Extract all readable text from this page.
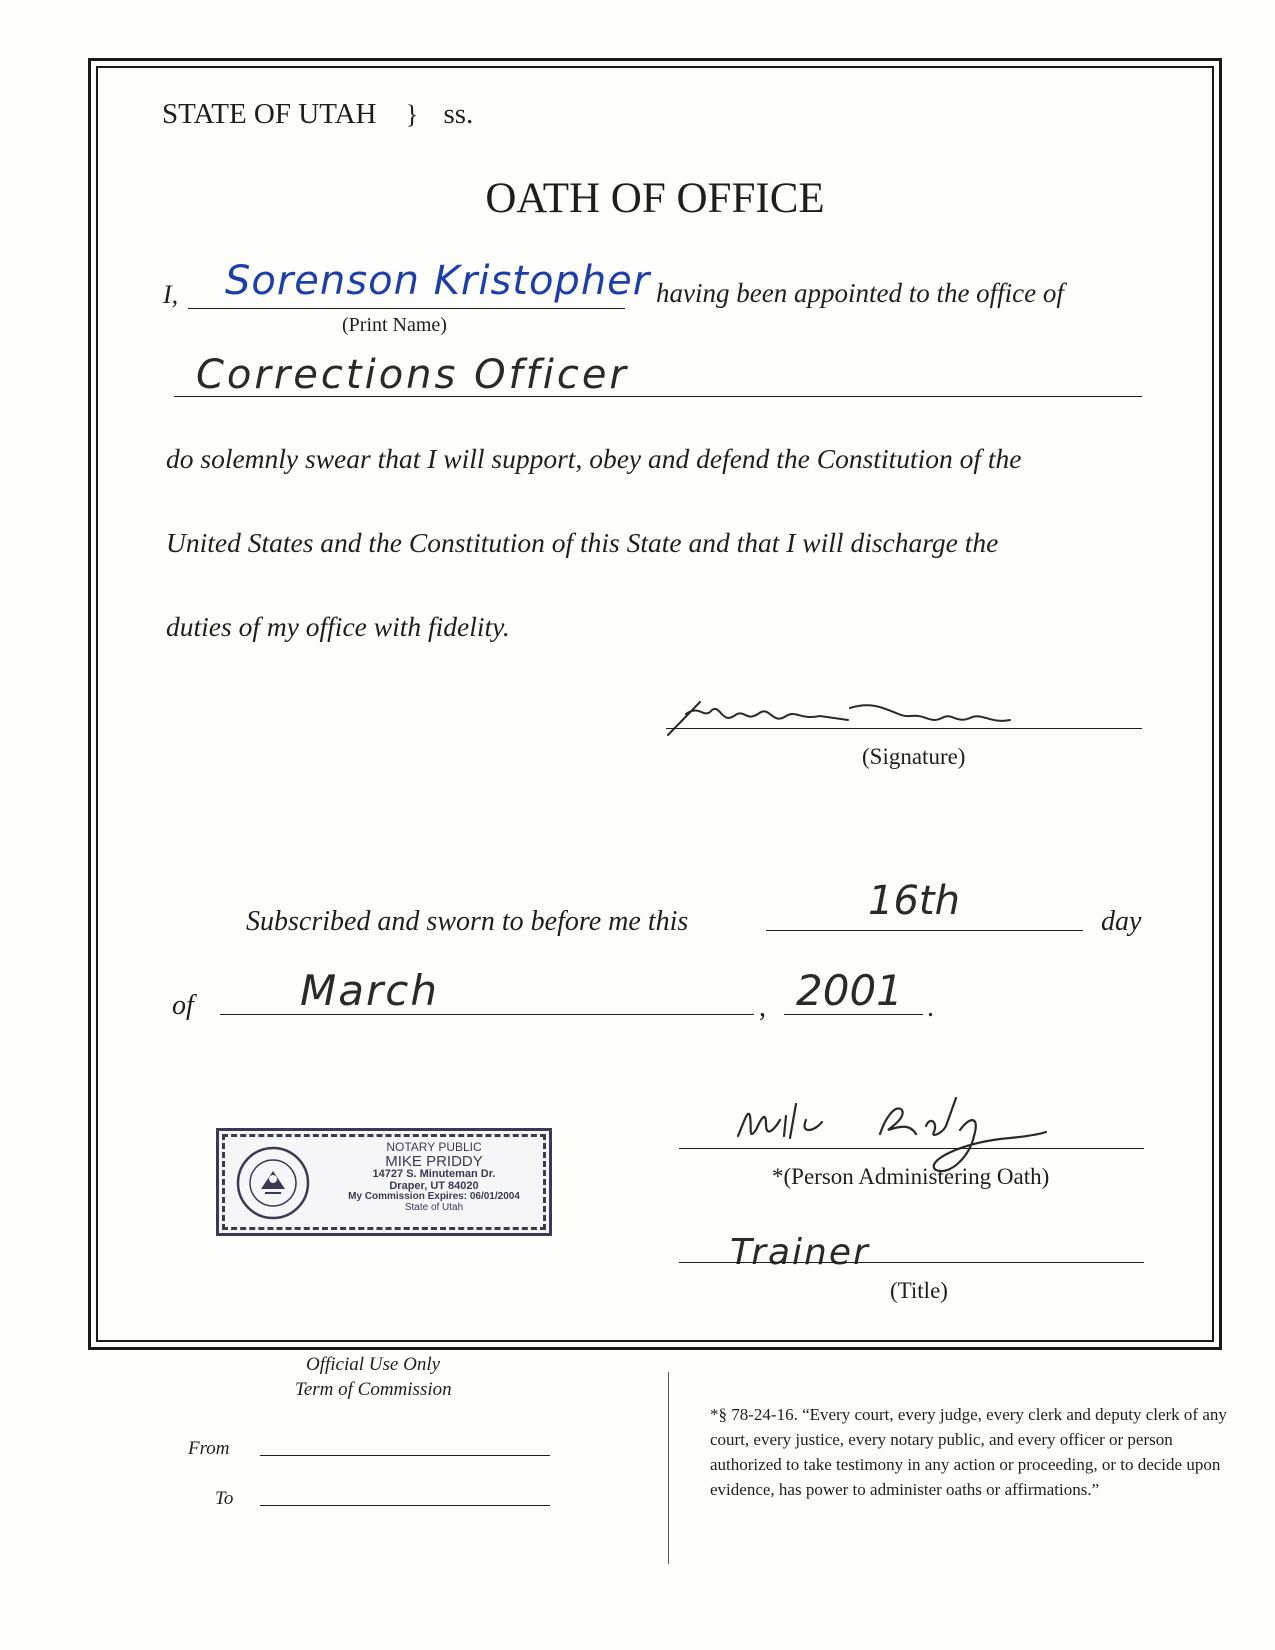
STATE OF UTAH } ss.
OATH OF OFFICE
I, Sorenson Kristopher
(Print Name)
having been appointed to the office of
Corrections Officer
do solemnly swear that I will support, obey and defend the Constitution of the
United States and the Constitution of this State and that I will discharge the
duties of my office with fidelity.
(Signature)
Subscribed and sworn to before me this	16th	day
of	March	, 2001 .
NOTARY PUBLIC
MIKE PRIDDY
14727 S. Minuteman Dr.
Draper, UT 84020
My Commission Expires: 06/01/2004
State of Utah
*(Person Administering Oath)
Trainer
(Title)
Official Use Only
Term of Commission
From
To
*§ 78-24-16. “Every court, every judge, every clerk and deputy clerk of any court, every justice, every notary public, and every officer or person authorized to take testimony in any action or proceeding, or to decide upon evidence, has power to administer oaths or affirmations.”
